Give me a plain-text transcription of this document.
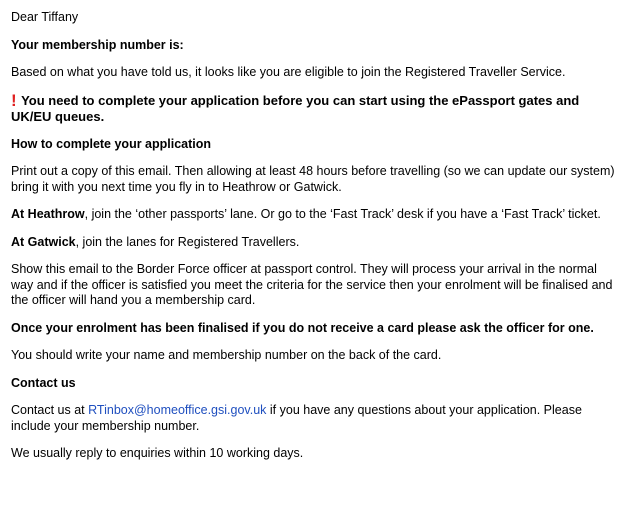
Dear Tiffany
Your membership number is:
Based on what you have told us, it looks like you are eligible to join the Registered Traveller Service.
! You need to complete your application before you can start using the ePassport gates and UK/EU queues.
How to complete your application
Print out a copy of this email. Then allowing at least 48 hours before travelling (so we can update our system) bring it with you next time you fly in to Heathrow or Gatwick.
At Heathrow, join the ‘other passports’ lane. Or go to the ‘Fast Track’ desk if you have a ‘Fast Track’ ticket.
At Gatwick, join the lanes for Registered Travellers.
Show this email to the Border Force officer at passport control. They will process your arrival in the normal way and if the officer is satisfied you meet the criteria for the service then your enrolment will be finalised and the officer will hand you a membership card.
Once your enrolment has been finalised if you do not receive a card please ask the officer for one.
You should write your name and membership number on the back of the card.
Contact us
Contact us at RTinbox@homeoffice.gsi.gov.uk if you have any questions about your application. Please include your membership number.
We usually reply to enquiries within 10 working days.
